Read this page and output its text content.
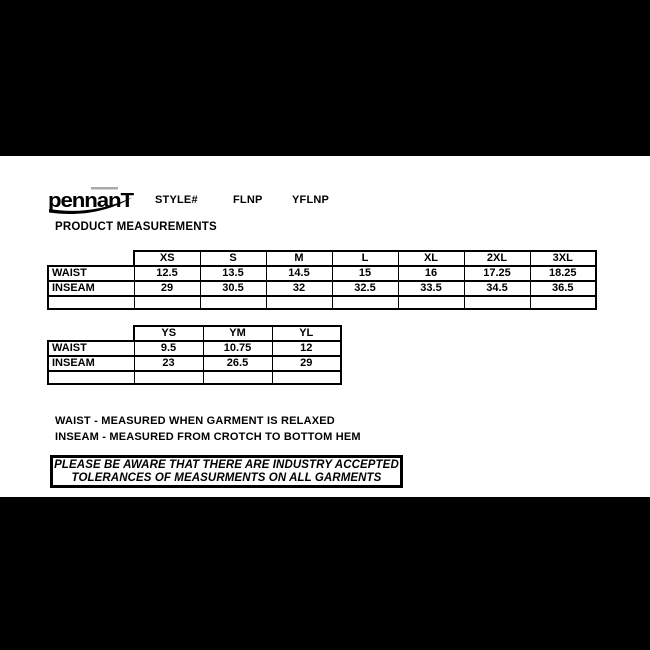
pennanT STYLE#	FLNP	YFLNP
PRODUCT MEASUREMENTS
XS	S	M	L	XL	2XL	3XL
WAIST	12.5	13.5	14.5	15	16	17.25	18.25
INSEAM	29	30.5	32	32.5	33.5	34.5	36.5

YS	YM	YL
WAIST	9.5	10.75	12
INSEAM	23	26.5	29

WAIST - MEASURED WHEN GARMENT IS RELAXED
INSEAM - MEASURED FROM CROTCH TO BOTTOM HEM
PLEASE BE AWARE THAT THERE ARE INDUSTRY ACCEPTED
TOLERANCES OF MEASURMENTS ON ALL GARMENTS
